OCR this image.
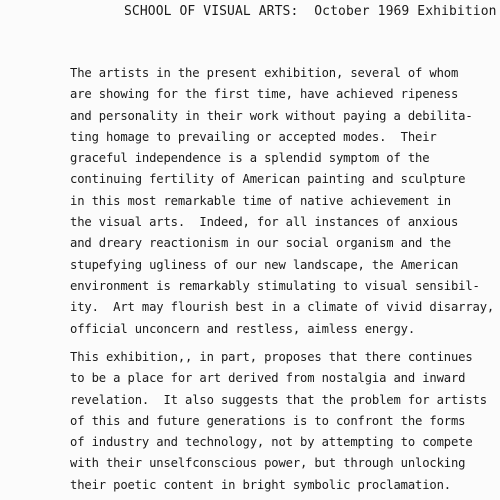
SCHOOL OF VISUAL ARTS:  October 1969 Exhibition
The artists in the present exhibition, several of whom
are showing for the first time, have achieved ripeness
and personality in their work without paying a debilita-
ting homage to prevailing or accepted modes.  Their
graceful independence is a splendid symptom of the
continuing fertility of American painting and sculpture
in this most remarkable time of native achievement in
the visual arts.  Indeed, for all instances of anxious
and dreary reactionism in our social organism and the
stupefying ugliness of our new landscape, the American
environment is remarkably stimulating to visual sensibil-
ity.  Art may flourish best in a climate of vivid disarray,
official unconcern and restless, aimless energy.
This exhibition,, in part, proposes that there continues
to be a place for art derived from nostalgia and inward
revelation.  It also suggests that the problem for artists
of this and future generations is to confront the forms
of industry and technology, not by attempting to compete
with their unselfconscious power, but through unlocking
their poetic content in bright symbolic proclamation.
